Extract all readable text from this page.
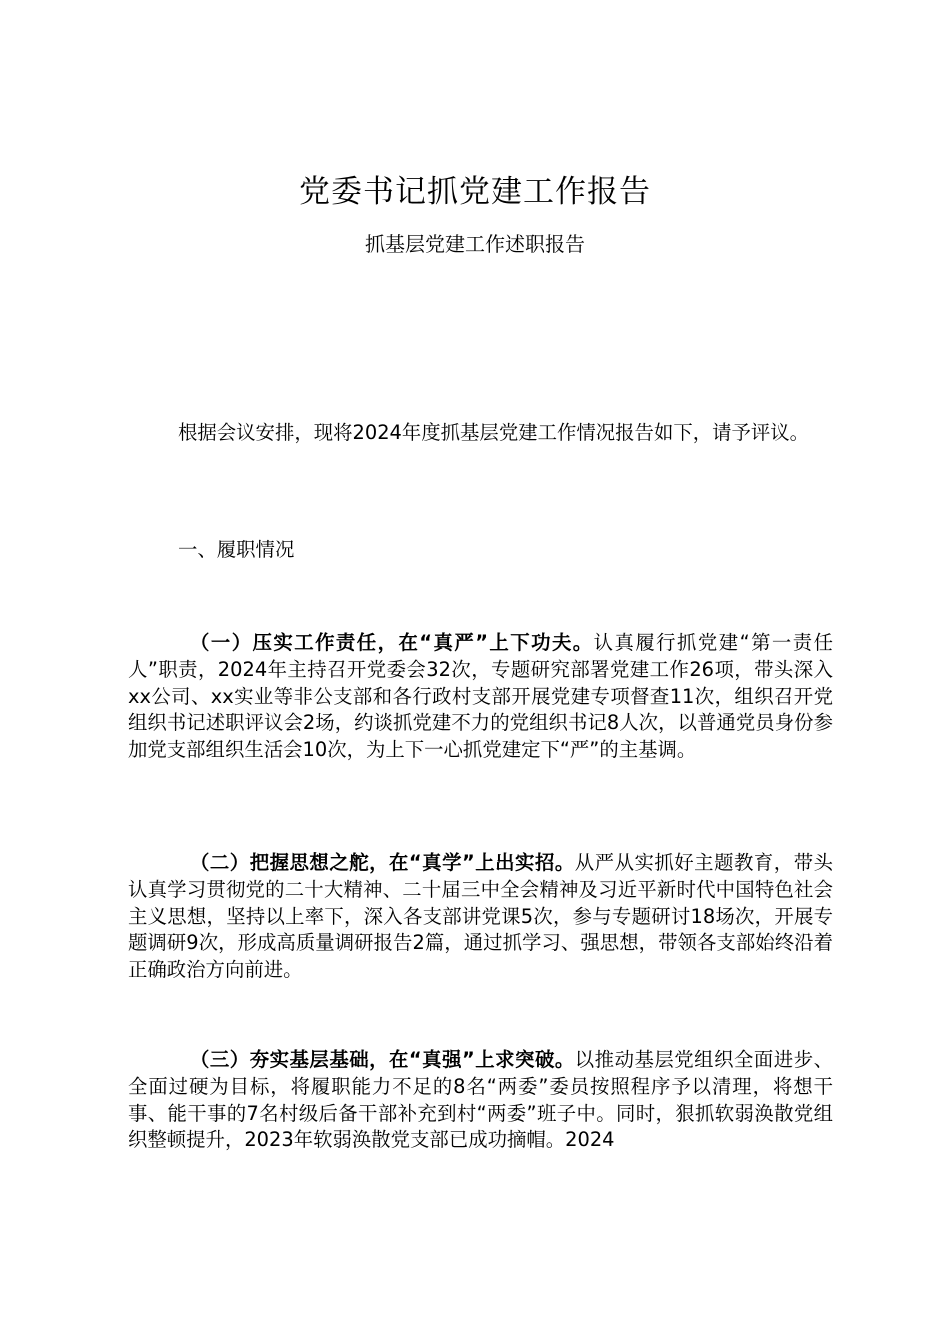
党委书记抓党建工作报告
抓基层党建工作述职报告
根据会议安排，现将2024年度抓基层党建工作情况报告如下，请予评议。
一、履职情况
（一）压实工作责任，在“真严”上下功夫。认真履行抓党建“第一责任人”职责，2024年主持召开党委会32次，专题研究部署党建工作26项，带头深入xx公司、xx实业等非公支部和各行政村支部开展党建专项督查11次，组织召开党组织书记述职评议会2场，约谈抓党建不力的党组织书记8人次，以普通党员身份参加党支部组织生活会10次，为上下一心抓党建定下“严”的主基调。
（二）把握思想之舵，在“真学”上出实招。从严从实抓好主题教育，带头认真学习贯彻党的二十大精神、二十届三中全会精神及习近平新时代中国特色社会主义思想，坚持以上率下，深入各支部讲党课5次，参与专题研讨18场次，开展专题调研9次，形成高质量调研报告2篇，通过抓学习、强思想，带领各支部始终沿着正确政治方向前进。
（三）夯实基层基础，在“真强”上求突破。以推动基层党组织全面进步、全面过硬为目标，将履职能力不足的8名“两委”委员按照程序予以清理，将想干事、能干事的7名村级后备干部补充到村“两委”班子中。同时，狠抓软弱涣散党组织整顿提升，2023年软弱涣散党支部已成功摘帽。2024
